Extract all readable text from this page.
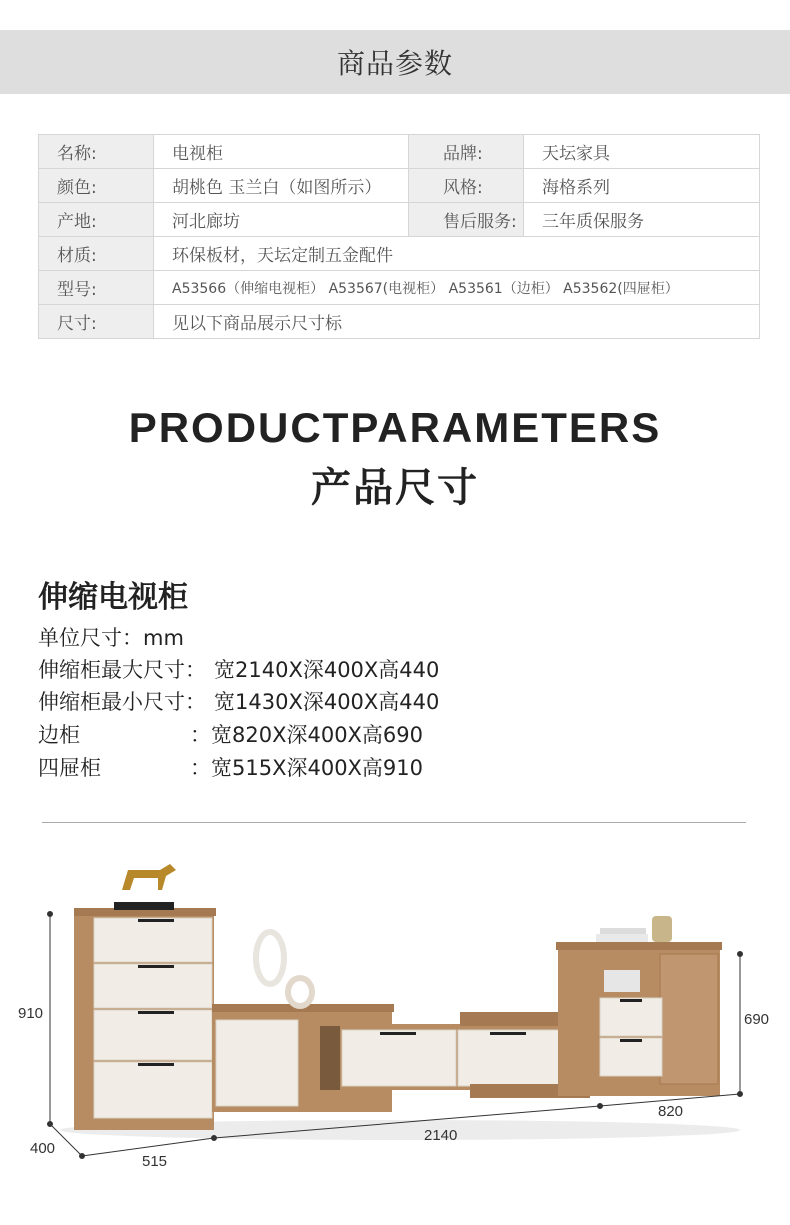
商品参数
名称:	电视柜	品牌:	天坛家具
颜色:	胡桃色 玉兰白（如图所示）	风格:	海格系列
产地:	河北廊坊	售后服务:	三年质保服务
材质:	环保板材，天坛定制五金配件		
型号:	A53566（伸缩电视柜） A53567(电视柜） A53561（边柜） A53562(四屉柜）		
尺寸:	见以下商品展示尺寸标		
PRODUCTPARAMETERS
产品尺寸
伸缩电视柜
单位尺寸：mm
伸缩柜最大尺寸： 宽2140X深400X高440
伸缩柜最小尺寸： 宽1430X深400X高440
边柜	：宽820X深400X高690
四屉柜	：宽515X深400X高910
910
400
515
2140
820
690
